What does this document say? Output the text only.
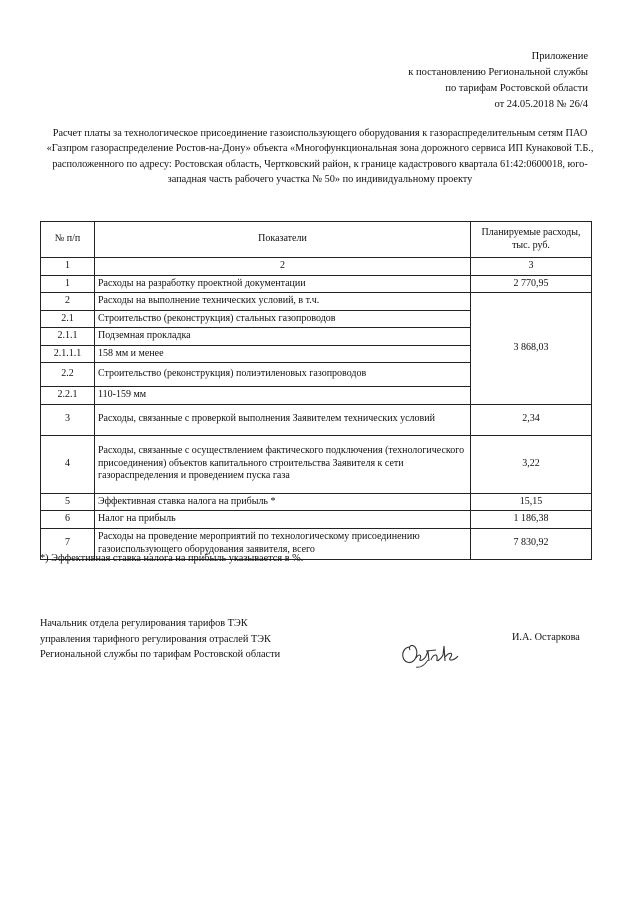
Приложение
к постановлению Региональной службы
по тарифам Ростовской области
от 24.05.2018 № 26/4
Расчет платы за технологическое присоединение газоиспользующего оборудования к газораспределительным сетям ПАО «Газпром газораспределение Ростов-на-Дону» объекта «Многофункциональная зона дорожного сервиса ИП Кунаковой Т.Б., расположенного по адресу: Ростовская область, Чертковский район, к границе кадастрового квартала 61:42:0600018, юго-западная часть рабочего участка № 50» по индивидуальному проекту
№ п/п	Показатели	Планируемые расходы, тыс. руб.
1	2	3
1	Расходы на разработку проектной документации	2 770,95
2	Расходы на выполнение технических условий, в т.ч.	3 868,03
2.1	Строительство (реконструкция) стальных газопроводов	
2.1.1	Подземная прокладка	
2.1.1.1	158 мм и менее	
2.2	Строительство (реконструкция) полиэтиленовых газопроводов	
2.2.1	110-159 мм	
3	Расходы, связанные с проверкой выполнения Заявителем технических условий	2,34
4	Расходы, связанные с осуществлением фактического подключения (технологического присоединения) объектов капитального строительства Заявителя к сети газораспределения и проведением пуска газа	3,22
5	Эффективная ставка налога на прибыль *	15,15
6	Налог на прибыль	1 186,38
7	Расходы на проведение мероприятий по технологическому присоединению газоиспользующего оборудования заявителя, всего	7 830,92
*) Эффективная ставка налога на прибыль указывается в %.
Начальник отдела регулирования тарифов ТЭК
управления тарифного регулирования отраслей ТЭК
Региональной службы по тарифам Ростовской области
И.А. Остаркова
